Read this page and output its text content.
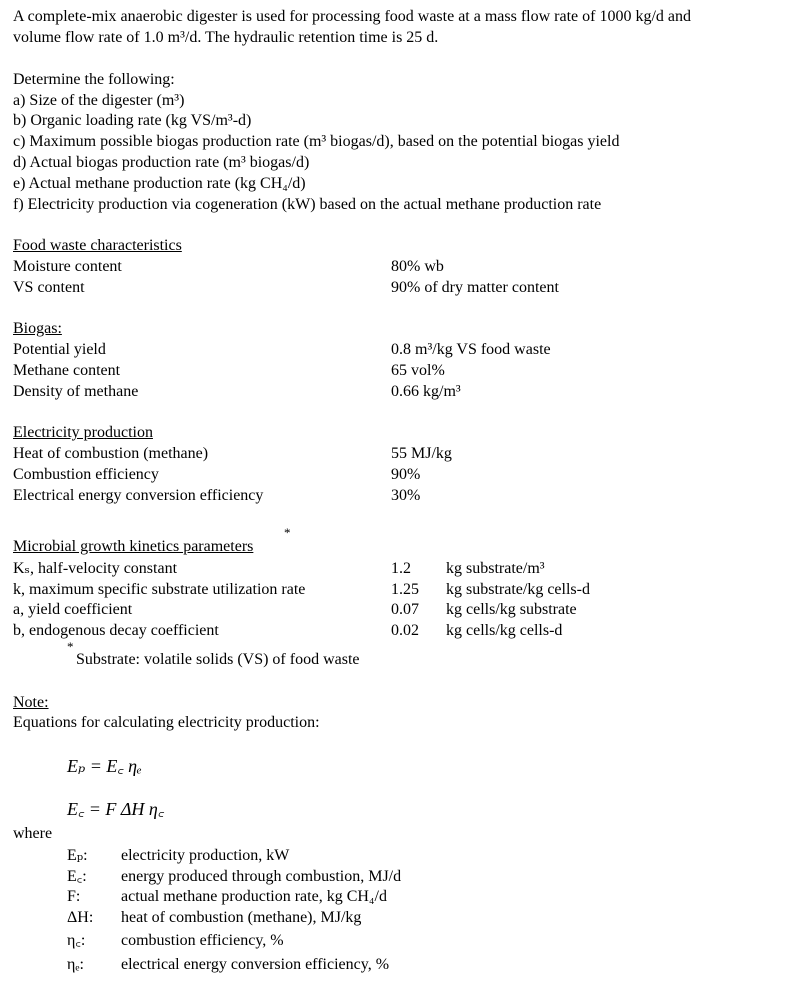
A complete-mix anaerobic digester is used for processing food waste at a mass flow rate of 1000 kg/d and
volume flow rate of 1.0 m³/d. The hydraulic retention time is 25 d.
Determine the following:
a) Size of the digester (m³)
b) Organic loading rate (kg VS/m³-d)
c) Maximum possible biogas production rate (m³ biogas/d), based on the potential biogas yield
d) Actual biogas production rate (m³ biogas/d)
e) Actual methane production rate (kg CH₄/d)
f) Electricity production via cogeneration (kW) based on the actual methane production rate
Food waste characteristics
Moisture content	80% wb
VS content	90% of dry matter content
Biogas:
Potential yield	0.8 m³/kg VS food waste
Methane content	65 vol%
Density of methane	0.66 kg/m³
Electricity production
Heat of combustion (methane)	55 MJ/kg
Combustion efficiency	90%
Electrical energy conversion efficiency	30%
Microbial growth kinetics parameters
*
Kₛ, half-velocity constant	1.2 kg substrate/m³
k, maximum specific substrate utilization rate	1.25 kg substrate/kg cells-d
a, yield coefficient	0.07 kg cells/kg substrate
b, endogenous decay coefficient	0.02 kg cells/kg cells-d
*
Substrate: volatile solids (VS) of food waste
Note:
Equations for calculating electricity production:
Eₚ = E꜀ ηₑ
E꜀ = F ΔH η꜀
where
Eₚ: electricity production, kW
E꜀: energy produced through combustion, MJ/d
F:	actual methane production rate, kg CH₄/d
ΔH: heat of combustion (methane), MJ/kg
η꜀: combustion efficiency, %
ηₑ: electrical energy conversion efficiency, %
